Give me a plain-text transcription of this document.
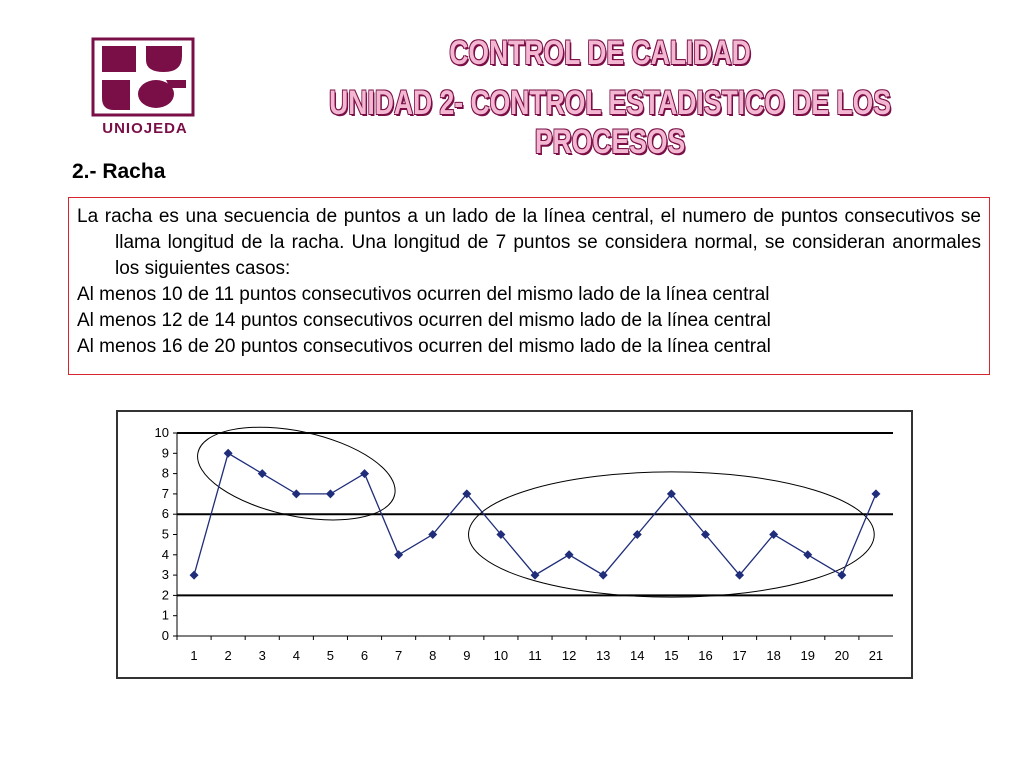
UNIOJEDA
CONTROL DE CALIDAD
UNIDAD 2- CONTROL ESTADISTICO DE LOS PROCESOS
2.- Racha

La racha es una secuencia de puntos a un lado de la línea central, el numero de puntos consecutivos se llama longitud de la racha. Una longitud de 7 puntos se considera normal, se consideran anormales los siguientes casos:

Al menos 10 de 11 puntos consecutivos ocurren del mismo lado de la línea central

Al menos 12 de 14 puntos consecutivos ocurren del mismo lado de la línea central

Al menos 16 de 20 puntos consecutivos ocurren del mismo lado de la línea central

0
1
2
3
4
5
6
7
8
9
10
1 2 3 4 5 6 7 8 9 10 11 12 13 14 15 16 17 18 19 20 21
